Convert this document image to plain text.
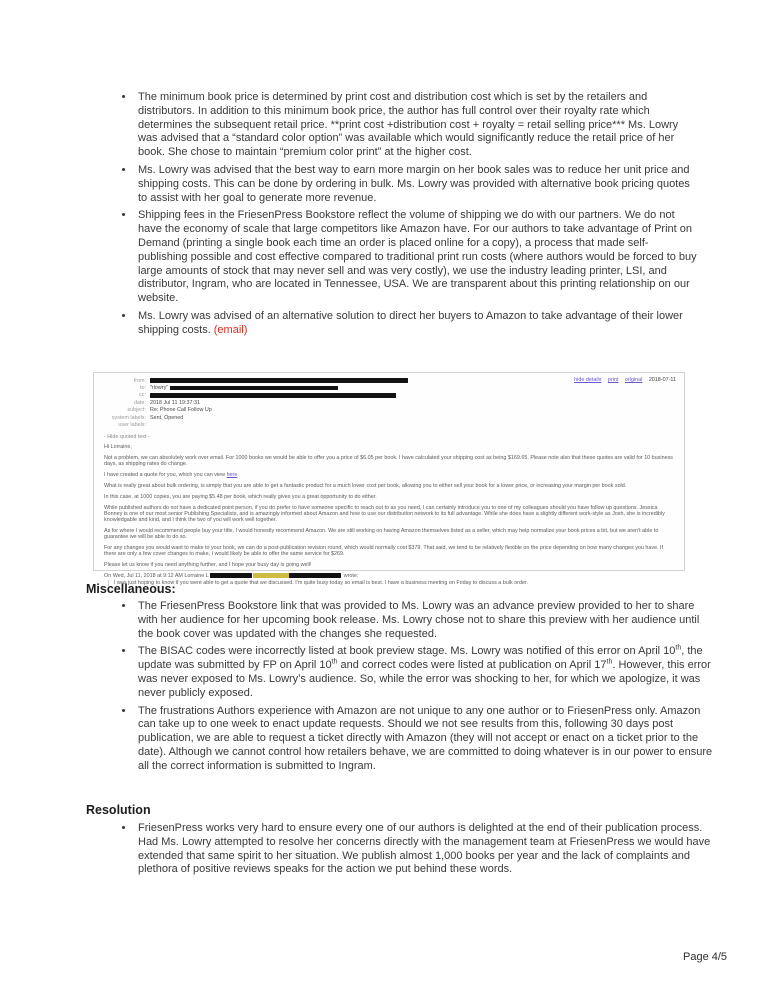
• The minimum book price is determined by print cost and distribution cost which is set by the retailers and distributors. In addition to this minimum book price, the author has full control over their royalty rate which determines the subsequent retail price. **print cost +distribution cost + royalty = retail selling price*** Ms. Lowry was advised that a “standard color option” was available which would significantly reduce the retail price of her book. She chose to maintain “premium color print” at the higher cost.
• Ms. Lowry was advised that the best way to earn more margin on her book sales was to reduce her unit price and shipping costs. This can be done by ordering in bulk. Ms. Lowry was provided with alternative book pricing quotes to assist with her goal to generate more revenue.
• Shipping fees in the FriesenPress Bookstore reflect the volume of shipping we do with our partners. We do not have the economy of scale that large competitors like Amazon have. For our authors to take advantage of Print on Demand (printing a single book each time an order is placed online for a copy), a process that made self-publishing possible and cost effective compared to traditional print run costs (where authors would be forced to buy large amounts of stock that may never sell and was very costly), we use the industry leading printer, LSI, and distributor, Ingram, who are located in Tennessee, USA. We are transparent about this printing relationship on our website.
• Ms. Lowry was advised of an alternative solution to direct her buyers to Amazon to take advantage of their lower shipping costs. (email)
hide details print original 2018-07-11
from:
to: "rlowry"
cc:
date: 2018 Jul 11 19:37:31
subject: Re: Phone Call Follow Up
system labels: Sent, Opened
user labels:
- Hide quoted text -

Hi Lorraine,

Not a problem, we can absolutely work over email. For 1000 books we would be able to offer you a price of $6.05 per book. I have calculated your shipping cost as being $169.65. Please note also that these quotes are valid for 10 business days, as shipping rates do change.

I have created a quote for you, which you can view here.

What is really great about bulk ordering, is simply that you are able to get a fantastic product for a much lower cost per book, allowing you to either sell your book for a lower price, or increasing your margin per book sold.

In this case, at 1000 copies, you are paying $5.48 per book, which really gives you a great opportunity to do either.

While published authors do not have a dedicated point person, if you do prefer to have someone specific to reach out to as you need, I can certainly introduce you to one of my colleagues should you have follow up questions. Jessica Bonney is one of our most senior Publishing Specialists, and is amazingly informed about Amazon and how to use our distribution network to its full advantage. While she does have a slightly different work-style as Josh, she is incredibly knowledgable and kind, and I think the two of you will work well together.

As for where I would recommend people buy your title, I would honestly recommend Amazon. We are still working on having Amazon themselves listed as a seller, which may help normalize your book prices a bit, but we aren't able to guarantee we will be able to do so.

For any changes you would want to make to your book, we can do a post-publication revision round, which would normally cost $379. That said, we tend to be relatively flexible on the price depending on how many changes you have. If there are only a few cover changes to make, I would likely be able to offer the same service for $269.

Please let us know if you need anything further, and I hope your busy day is going well!

On Wed, Jul 11, 2018 at 9:12 AM Lorraine L	wrote:
I was just hoping to know if you were able to get a quote that we discussed. I'm quite busy today so email is best. I have a business meeting on Friday to discuss a bulk order.
Miscellaneous:
• The FriesenPress Bookstore link that was provided to Ms. Lowry was an advance preview provided to her to share with her audience for her upcoming book release. Ms. Lowry chose not to share this preview with her audience until the book cover was updated with the changes she requested.
• The BISAC codes were incorrectly listed at book preview stage. Ms. Lowry was notified of this error on April 10th, the update was submitted by FP on April 10th and correct codes were listed at publication on April 17th. However, this error was never exposed to Ms. Lowry’s audience. So, while the error was shocking to her, for which we apologize, it was never publicly exposed.
• The frustrations Authors experience with Amazon are not unique to any one author or to FriesenPress only. Amazon can take up to one week to enact update requests. Should we not see results from this, following 30 days post publication, we are able to request a ticket directly with Amazon (they will not accept or enact on a ticket prior to the date). Although we cannot control how retailers behave, we are committed to doing whatever is in our power to ensure all the correct information is submitted to Ingram.
Resolution
• FriesenPress works very hard to ensure every one of our authors is delighted at the end of their publication process. Had Ms. Lowry attempted to resolve her concerns directly with the management team at FriesenPress we would have extended that same spirit to her situation. We publish almost 1,000 books per year and the lack of complaints and plethora of positive reviews speaks for the action we put behind these words.
Page 4/5
